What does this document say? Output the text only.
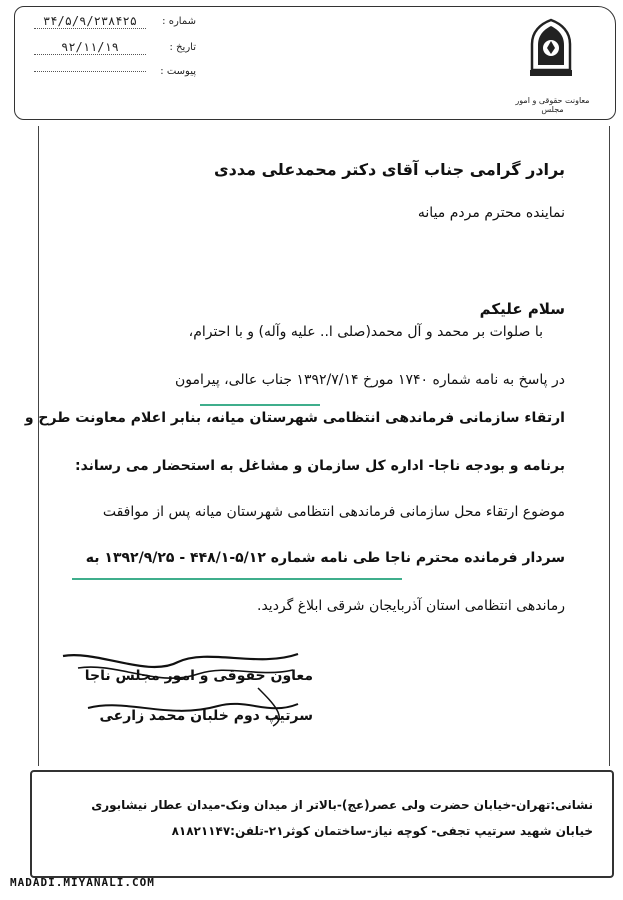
شماره :
۳۴/۵/۹/۲۳۸۴۲۵
تاریخ :
۹۲/۱۱/۱۹
پیوست :
معاونت حقوقی و امور مجلس
برادر گرامی جناب آقای دکتر محمدعلی مددی
نماینده محترم مردم میانه
سلام علیکم
با صلوات بر محمد و آل محمد(صلی ا.. علیه وآله) و با احترام،
در پاسخ به نامه شماره ۱۷۴۰ مورخ ۱۳۹۲/۷/۱۴ جناب عالی، پیرامون
ارتقاء سازمانی فرماندهی انتظامی شهرستان میانه، بنابر اعلام معاونت طرح و
برنامه و بودجه ناجا- اداره کل سازمان و مشاغل به استحضار می رساند:
موضوع ارتقاء محل سازمانی فرماندهی انتظامی شهرستان میانه پس از موافقت
سردار فرمانده محترم ناجا طی نامه شماره ۵/۱۲-۴۴۸/۱ - ۱۳۹۲/۹/۲۵ به
رماندهی انتظامی استان آذربایجان شرقی ابلاغ گردید.
معاون حقوقی و امور مجلس ناجا
سرتیپ دوم خلبان محمد زارعی
نشانی:تهران-خیابان حضرت ولی عصر(عج)-بالاتر از میدان ونک-میدان عطار نیشابوری
خیابان شهید سرتیپ تجفی- کوچه نیاز-ساختمان کوثر۲۱-تلفن:۸۱۸۲۱۱۴۷
MADADI.MIYANALI.COM
